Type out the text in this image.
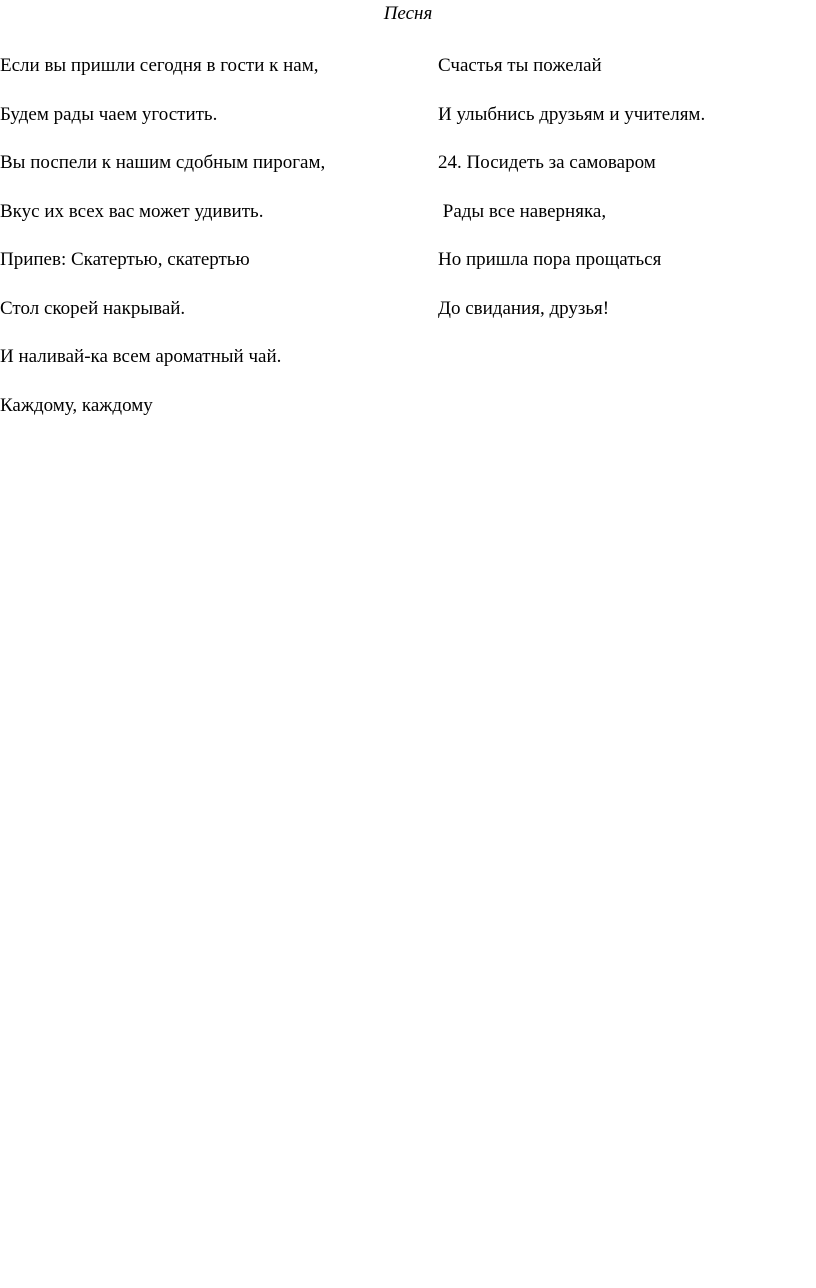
Песня
Если вы пришли сегодня в гости к нам,
Будем рады чаем угостить.
Вы поспели к нашим сдобным пирогам,
Вкус их всех вас может удивить.
Припев: Скатертью, скатертью
Стол скорей накрывай.
И наливай-ка всем ароматный чай.
Каждому, каждому
Счастья ты пожелай
И улыбнись друзьям и учителям.
24. Посидеть за самоваром
Рады все наверняка,
Но пришла пора прощаться
До свидания, друзья!
